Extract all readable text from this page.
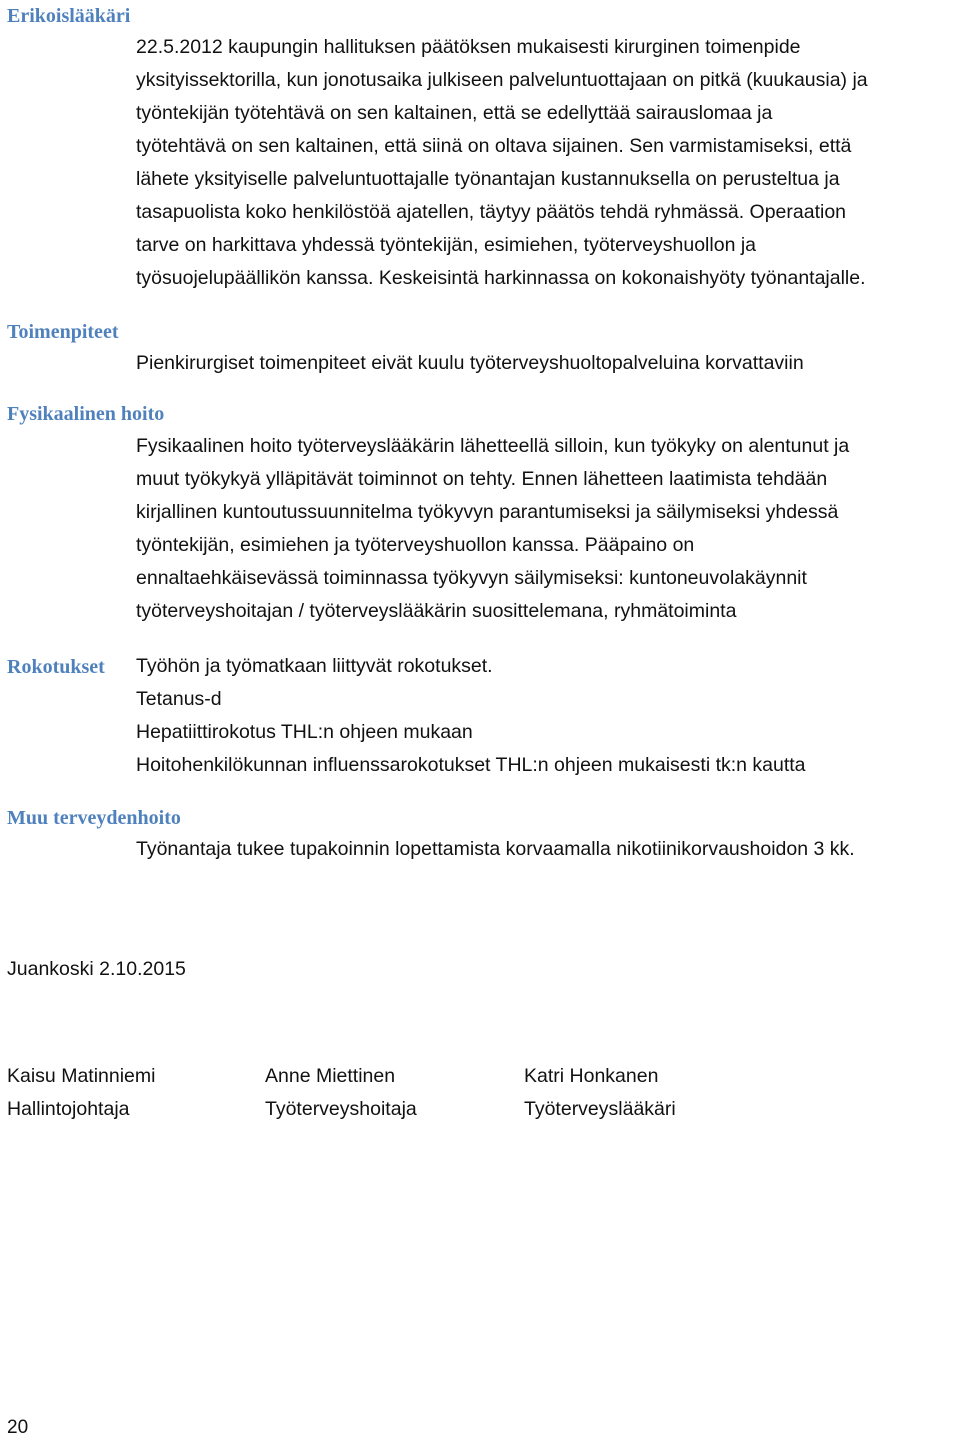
Erikoislääkäri
22.5.2012 kaupungin hallituksen päätöksen mukaisesti kirurginen toimenpide
yksityissektorilla, kun jonotusaika julkiseen palveluntuottajaan on pitkä (kuukausia) ja
työntekijän työtehtävä on sen kaltainen, että se edellyttää sairauslomaa ja
työtehtävä on sen kaltainen, että siinä on oltava sijainen. Sen varmistamiseksi, että
lähete yksityiselle palveluntuottajalle työnantajan kustannuksella on perusteltua ja
tasapuolista koko henkilöstöä ajatellen, täytyy päätös tehdä ryhmässä. Operaation
tarve on harkittava yhdessä työntekijän, esimiehen, työterveyshuollon ja
työsuojelupäällikön kanssa. Keskeisintä harkinnassa on kokonaishyöty työnantajalle.
Toimenpiteet
Pienkirurgiset toimenpiteet eivät kuulu työterveyshuoltopalveluina korvattaviin
Fysikaalinen hoito
Fysikaalinen hoito työterveyslääkärin lähetteellä silloin, kun työkyky on alentunut ja
muut työkykyä ylläpitävät toiminnot on tehty. Ennen lähetteen laatimista tehdään
kirjallinen kuntoutussuunnitelma työkyvyn parantumiseksi ja säilymiseksi yhdessä
työntekijän, esimiehen ja työterveyshuollon kanssa. Pääpaino on
ennaltaehkäisevässä toiminnassa työkyvyn säilymiseksi: kuntoneuvolakäynnit
työterveyshoitajan / työterveyslääkärin suosittelemana, ryhmätoiminta
Rokotukset Työhön ja työmatkaan liittyvät rokotukset.
Tetanus-d
Hepatiittirokotus THL:n ohjeen mukaan
Hoitohenkilökunnan influenssarokotukset THL:n ohjeen mukaisesti tk:n kautta
Muu terveydenhoito
Työnantaja tukee tupakoinnin lopettamista korvaamalla nikotiinikorvaushoidon 3 kk.
Juankoski 2.10.2015
Kaisu Matinniemi
Hallintojohtaja
Anne Miettinen
Työterveyshoitaja
Katri Honkanen
Työterveyslääkäri
20
